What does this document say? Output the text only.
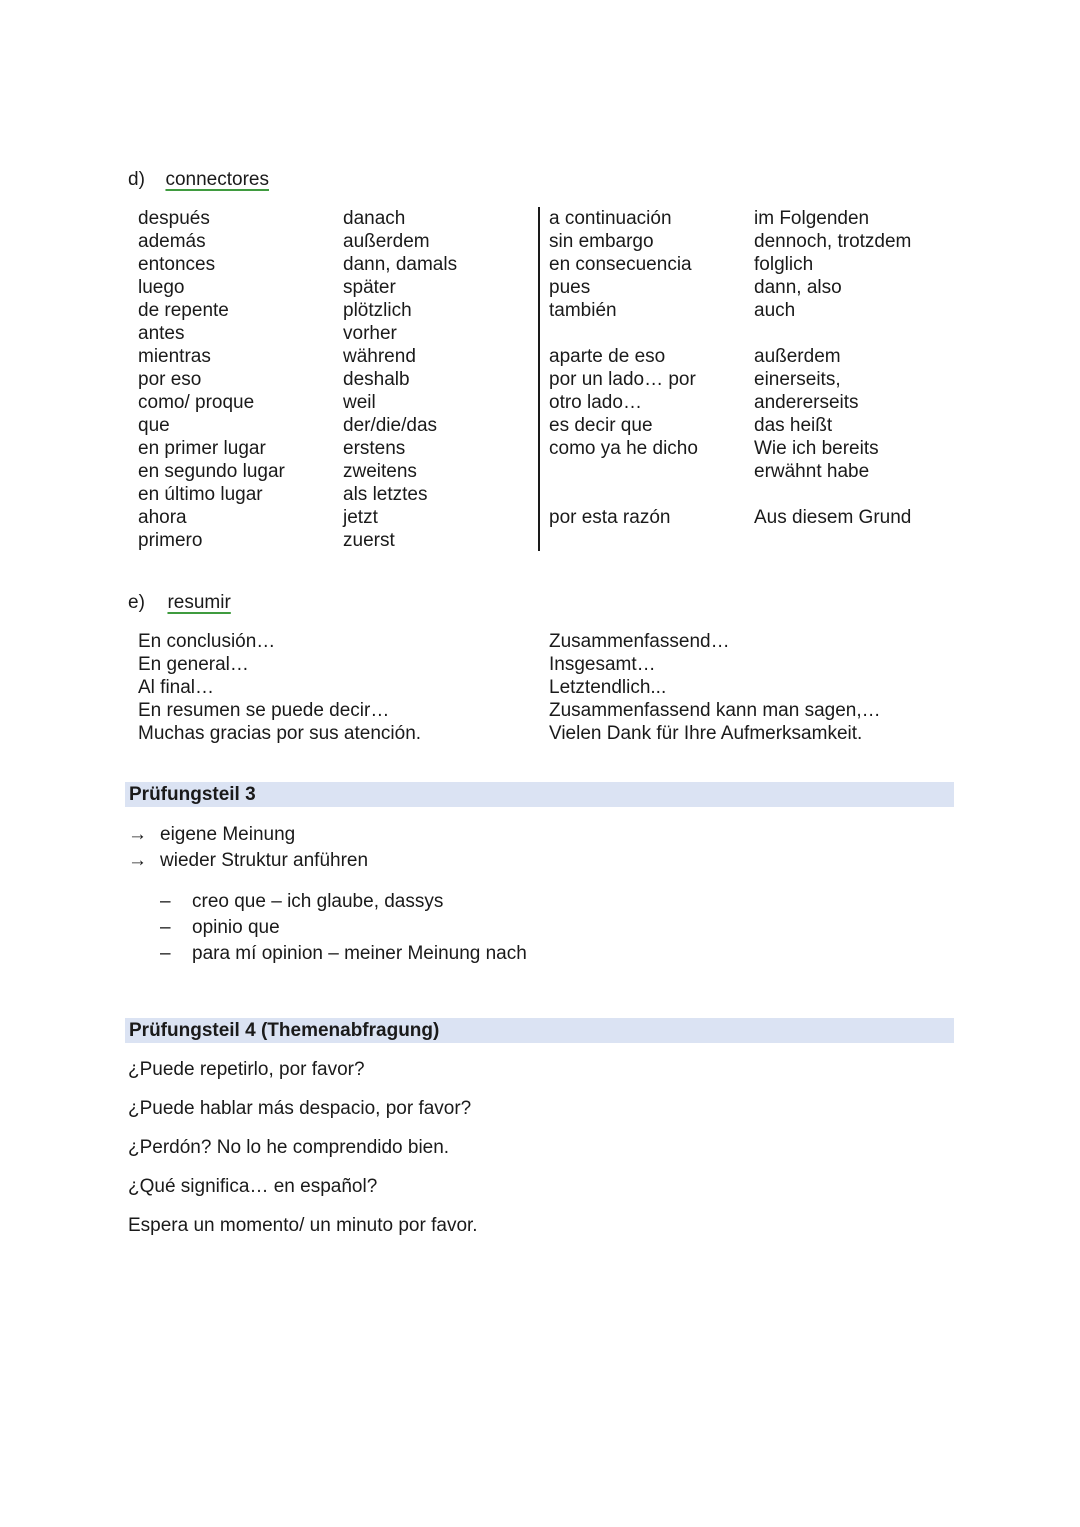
d) connectores
después
además
entonces
luego
de repente
antes
mientras
por eso
como/ proque
que
en primer lugar
en segundo lugar
en último lugar
ahora
primero
danach
außerdem
dann, damals
später
plötzlich
vorher
während
deshalb
weil
der/die/das
erstens
zweitens
als letztes
jetzt
zuerst
a continuación
sin embargo
en consecuencia
pues
también
aparte de eso
por un lado… por
otro lado…
es decir que
como ya he dicho
por esta razón
im Folgenden
dennoch, trotzdem
folglich
dann, also
auch
außerdem
einerseits,
andererseits
das heißt
Wie ich bereits
erwähnt habe
Aus diesem Grund
e) resumir
En conclusión…
En general…
Al final…
En resumen se puede decir…
Muchas gracias por sus atención.
Zusammenfassend…
Insgesamt…
Letztendlich...
Zusammenfassend kann man sagen,…
Vielen Dank für Ihre Aufmerksamkeit.
Prüfungsteil 3
→ eigene Meinung
→ wieder Struktur anführen
– creo que – ich glaube, dassys
– opinio que
– para mí opinion – meiner Meinung nach
Prüfungsteil 4 (Themenabfragung)
¿Puede repetirlo, por favor?
¿Puede hablar más despacio, por favor?
¿Perdón? No lo he comprendido bien.
¿Qué significa… en español?
Espera un momento/ un minuto por favor.
